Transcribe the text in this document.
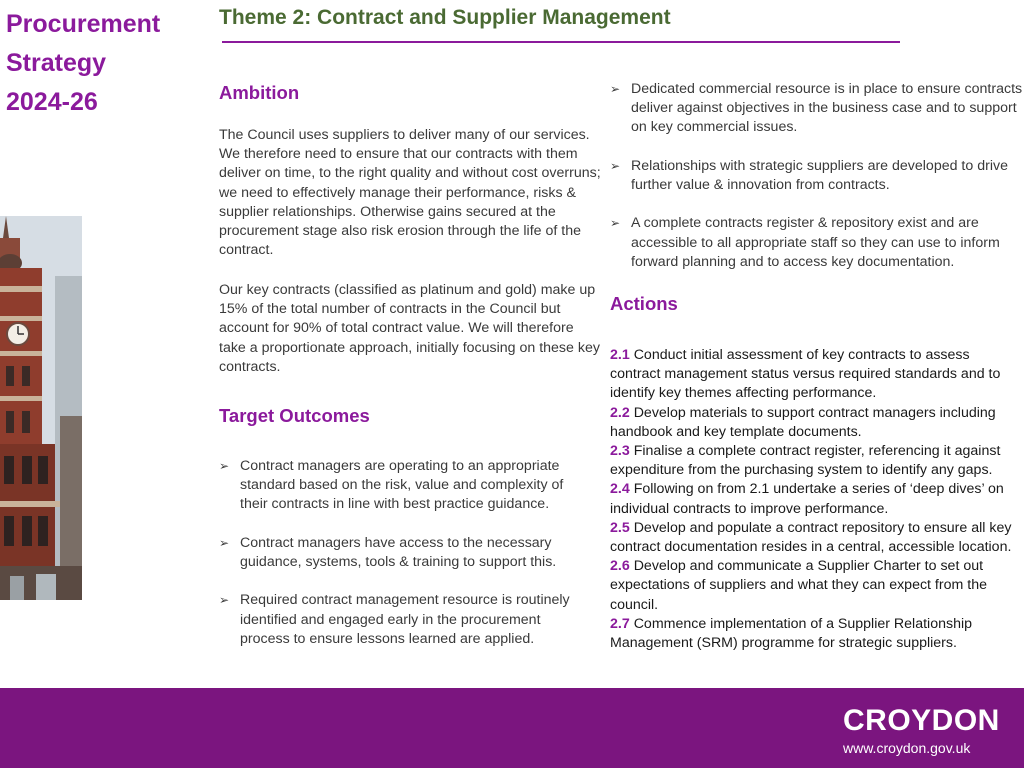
Procurement
Strategy
2024-26
Theme 2: Contract and Supplier Management
Ambition

The Council uses suppliers to deliver many of our services. We therefore need to ensure that our contracts with them deliver on time, to the right quality and without cost overruns; we need to effectively manage their performance, risks & supplier relationships. Otherwise gains secured at the procurement stage also risk erosion through the life of the contract.

Our key contracts (classified as platinum and gold) make up 15% of the total number of contracts in the Council but account for 90% of total contract value. We will therefore take a proportionate approach, initially focusing on these key contracts.

Target Outcomes
➢ Contract managers are operating to an appropriate standard based on the risk, value and complexity of their contracts in line with best practice guidance.
➢ Contract managers have access to the necessary guidance, systems, tools & training to support this.
➢ Required contract management resource is routinely identified and engaged early in the procurement process to ensure lessons learned are applied.
➢ Dedicated commercial resource is in place to ensure contracts deliver against objectives in the business case and to support on key commercial issues.
➢ Relationships with strategic suppliers are developed to drive further value & innovation from contracts.
➢ A complete contracts register & repository exist and are accessible to all appropriate staff so they can use to inform forward planning and to access key documentation.
Actions
2.1 Conduct initial assessment of key contracts to assess contract management status versus required standards and to identify key themes affecting performance.
2.2 Develop materials to support contract managers including handbook and key template documents.
2.3 Finalise a complete contract register, referencing it against expenditure from the purchasing system to identify any gaps.
2.4 Following on from 2.1 undertake a series of ‘deep dives’ on individual contracts to improve performance.
2.5 Develop and populate a contract repository to ensure all key contract documentation resides in a central, accessible location.
2.6 Develop and communicate a Supplier Charter to set out expectations of suppliers and what they can expect from the council.
2.7 Commence implementation of a Supplier Relationship Management (SRM) programme for strategic suppliers.
CROYDON
www.croydon.gov.uk
